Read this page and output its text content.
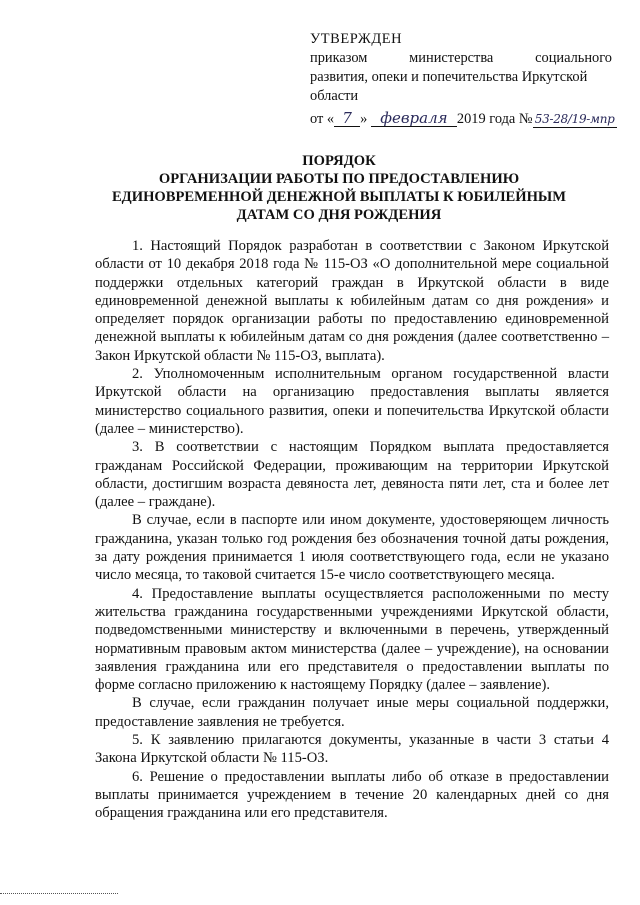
УТВЕРЖДЕН
приказом министерства социального
развития, опеки и попечительства Иркутской
области
от « 7 » февраля 2019 года № 53-28/19-мпр
ПОРЯДОК
ОРГАНИЗАЦИИ РАБОТЫ ПО ПРЕДОСТАВЛЕНИЮ
ЕДИНОВРЕМЕННОЙ ДЕНЕЖНОЙ ВЫПЛАТЫ К ЮБИЛЕЙНЫМ
ДАТАМ СО ДНЯ РОЖДЕНИЯ

1. Настоящий Порядок разработан в соответствии с Законом Иркутской области от 10 декабря 2018 года № 115-ОЗ «О дополнительной мере социальной поддержки отдельных категорий граждан в Иркутской области в виде единовременной денежной выплаты к юбилейным датам со дня рождения» и определяет порядок организации работы по предоставлению единовременной денежной выплаты к юбилейным датам со дня рождения (далее соответственно – Закон Иркутской области № 115-ОЗ, выплата).

2. Уполномоченным исполнительным органом государственной власти Иркутской области на организацию предоставления выплаты является министерство социального развития, опеки и попечительства Иркутской области (далее – министерство).

3. В соответствии с настоящим Порядком выплата предоставляется гражданам Российской Федерации, проживающим на территории Иркутской области, достигшим возраста девяноста лет, девяноста пяти лет, ста и более лет (далее – граждане).

В случае, если в паспорте или ином документе, удостоверяющем личность гражданина, указан только год рождения без обозначения точной даты рождения, за дату рождения принимается 1 июля соответствующего года, если не указано число месяца, то таковой считается 15-е число соответствующего месяца.

4. Предоставление выплаты осуществляется расположенными по месту жительства гражданина государственными учреждениями Иркутской области, подведомственными министерству и включенными в перечень, утвержденный нормативным правовым актом министерства (далее – учреждение), на основании заявления гражданина или его представителя о предоставлении выплаты по форме согласно приложению к настоящему Порядку (далее – заявление).

В случае, если гражданин получает иные меры социальной поддержки, предоставление заявления не требуется.

5. К заявлению прилагаются документы, указанные в части 3 статьи 4 Закона Иркутской области № 115-ОЗ.

6. Решение о предоставлении выплаты либо об отказе в предоставлении выплаты принимается учреждением в течение 20 календарных дней со дня обращения гражданина или его представителя.
